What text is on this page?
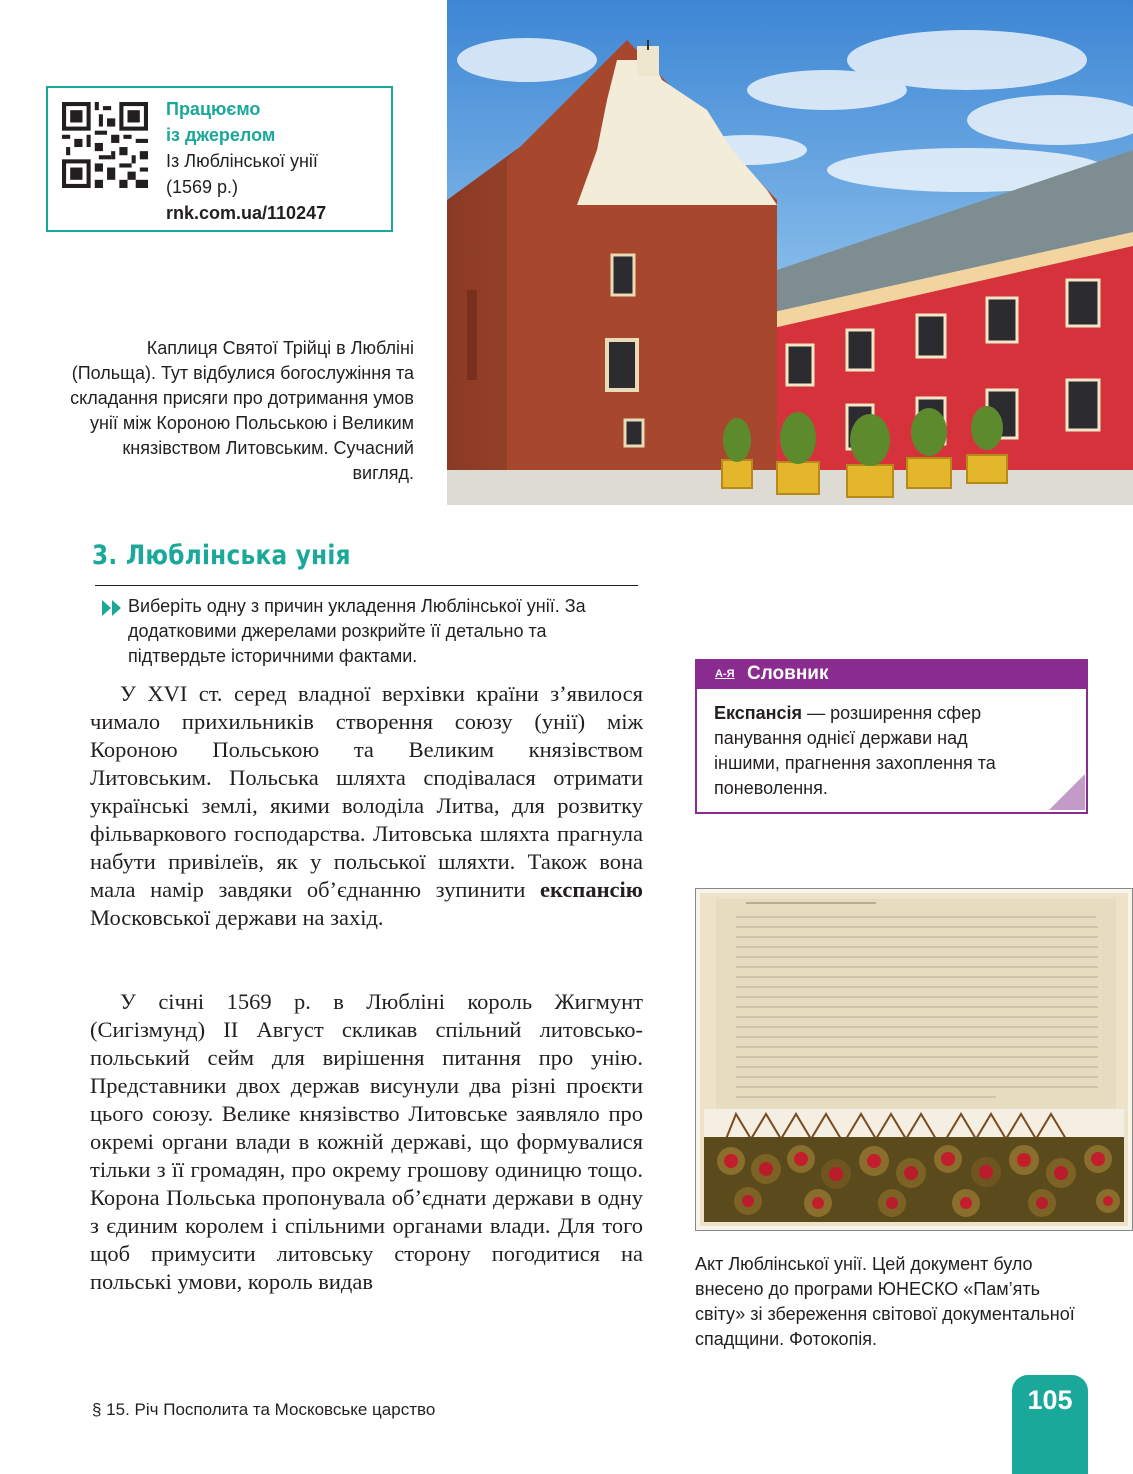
Працюємо
із джерелом
Із Люблінської унії
(1569 р.)
rnk.com.ua/110247
Каплиця Святої Трійці в Любліні (Польща). Тут відбулися богослужіння та складання присяги про дотримання умов унії між Короною Польською і Великим князівством Литовським. Сучасний вигляд.
3. Люблінська унія
Виберіть одну з причин укладення Люблінської унії. За додатковими джерелами розкрийте її детально та підтвердьте історичними фактами.
У XVI ст. серед владної верхівки країни з’явилося чимало прихильників створення союзу (унії) між Короною Польською та Великим князівством Литовським. Польська шляхта сподівалася отримати українські землі, якими володіла Литва, для розвитку фільваркового господарства. Литовська шляхта прагнула набути привілеїв, як у польської шляхти. Також вона мала намір завдяки об’єднанню зупинити експансію Московської держави на захід.
У січні 1569 р. в Любліні король Жигмунт (Сигізмунд) II Август скликав спільний литовсько-польський сейм для вирішення питання про унію. Представники двох держав висунули два різні проєкти цього союзу. Велике князівство Литовське заявляло про окремі органи влади в кожній державі, що формувалися тільки з її громадян, про окрему грошову одиницю тощо. Корона Польська пропонувала об’єднати держави в одну з єдиним королем і спільними органами влади. Для того щоб примусити литовську сторону погодитися на польські умови, король видав
А-Я Словник
Експансія — розширення сфер панування однієї держави над іншими, прагнення захоплення та поневолення.
Акт Люблінської унії. Цей документ було внесено до програми ЮНЕСКО «Пам’ять світу» зі збереження світової документальної спадщини. Фотокопія.
§ 15. Річ Посполита та Московське царство	105
